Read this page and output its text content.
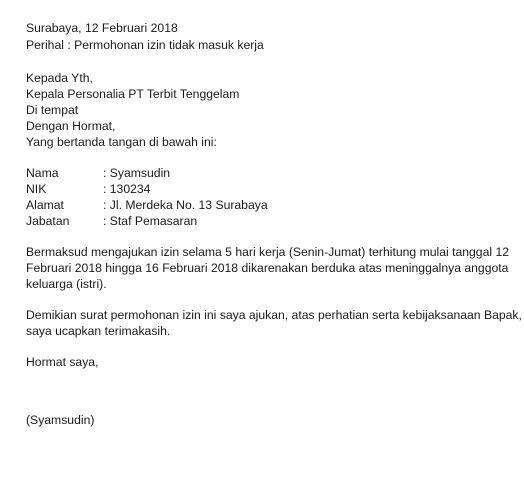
Surabaya, 12 Februari 2018
Perihal : Permohonan izin tidak masuk kerja
Kepada Yth,
Kepala Personalia PT Terbit Tenggelam
Di tempat
Dengan Hormat,
Yang bertanda tangan di bawah ini:
Nama	: Syamsudin
NIK	: 130234
Alamat	: Jl. Merdeka No. 13 Surabaya
Jabatan	: Staf Pemasaran
Bermaksud mengajukan izin selama 5 hari kerja (Senin-Jumat) terhitung mulai tanggal 12
Februari 2018 hingga 16 Februari 2018 dikarenakan berduka atas meninggalnya anggota
keluarga (istri).
Demikian surat permohonan izin ini saya ajukan, atas perhatian serta kebijaksanaan Bapak,
saya ucapkan terimakasih.
Hormat saya,
(Syamsudin)
